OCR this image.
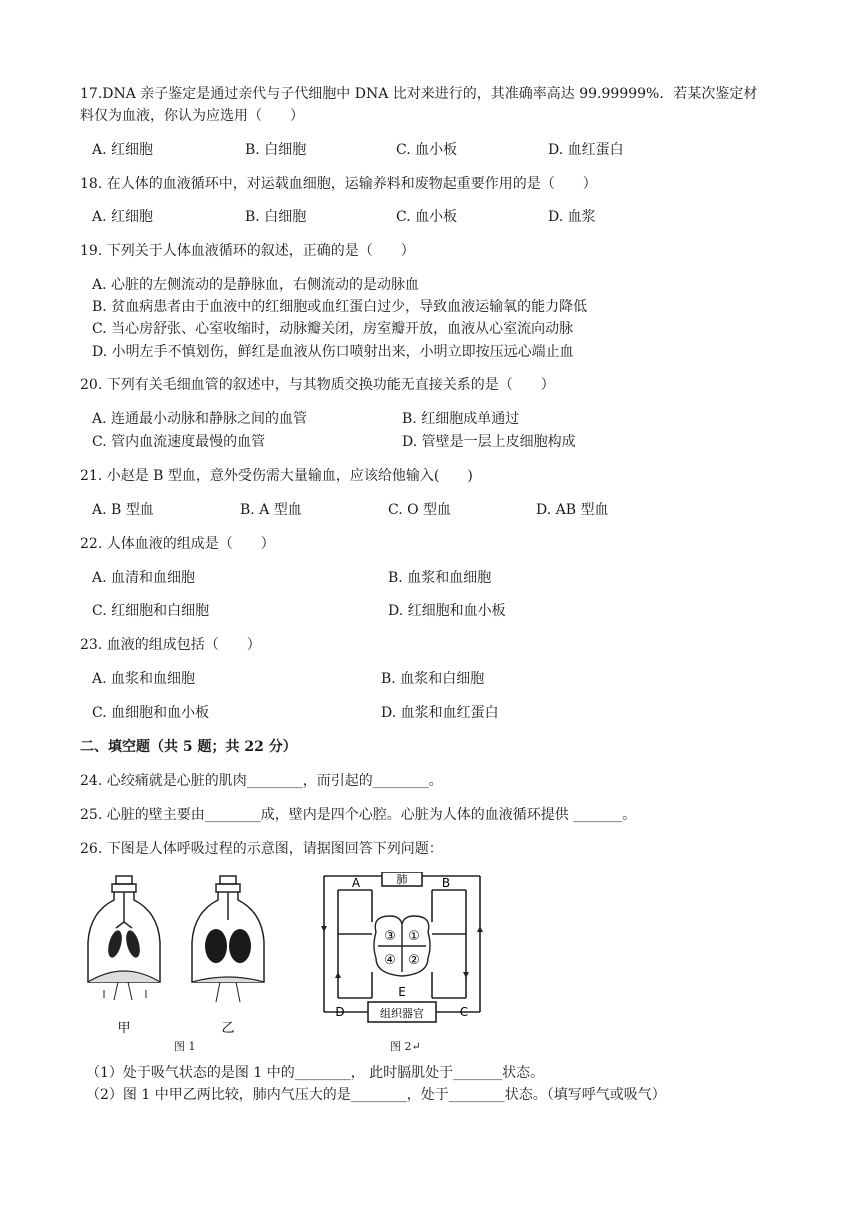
17.DNA 亲子鉴定是通过亲代与子代细胞中 DNA 比对来进行的，其准确率高达 99.99999%．若某次鉴定材
料仅为血液，你认为应选用（　　）
A. 红细胞	B. 白细胞	C. 血小板	D. 血红蛋白
18. 在人体的血液循环中，对运载血细胞，运输养料和废物起重要作用的是（　　）
A. 红细胞	B. 白细胞	C. 血小板	D. 血浆
19. 下列关于人体血液循环的叙述，正确的是（　　）
A. 心脏的左侧流动的是静脉血，右侧流动的是动脉血
B. 贫血病患者由于血液中的红细胞或血红蛋白过少，导致血液运输氧的能力降低
C. 当心房舒张、心室收缩时，动脉瓣关闭，房室瓣开放，血液从心室流向动脉
D. 小明左手不慎划伤，鲜红是血液从伤口喷射出来，小明立即按压远心端止血
20. 下列有关毛细血管的叙述中，与其物质交换功能无直接关系的是（　　）
A. 连通最小动脉和静脉之间的血管	B. 红细胞成单通过
C. 管内血流速度最慢的血管	D. 管壁是一层上皮细胞构成
21. 小赵是 B 型血，意外受伤需大量输血，应该给他输入(　　)
A. B 型血	B. A 型血	C. O 型血	D. AB 型血
22. 人体血液的组成是（　　）
A. 血清和血细胞	B. 血浆和血细胞
C. 红细胞和白细胞	D. 红细胞和血小板
23. 血液的组成包括（　　）
A. 血浆和血细胞	B. 血浆和白细胞
C. 血细胞和血小板	D. 血浆和血红蛋白
二、填空题（共 5 题；共 22 分）
24. 心绞痛就是心脏的肌肉________，而引起的________。
25. 心脏的壁主要由________成，壁内是四个心腔。心脏为人体的血液循环提供 _______。
26. 下图是人体呼吸过程的示意图，请据图回答下列问题：
甲	乙
图 1
③ ①
④ ②
肺
A	B
E
D	C
组织器官
图 2↵
（1）处于吸气状态的是图 1 中的________， 此时膈肌处于_______状态。
（2）图 1 中甲乙两比较，肺内气压大的是________，处于________状态。（填写呼气或吸气）
